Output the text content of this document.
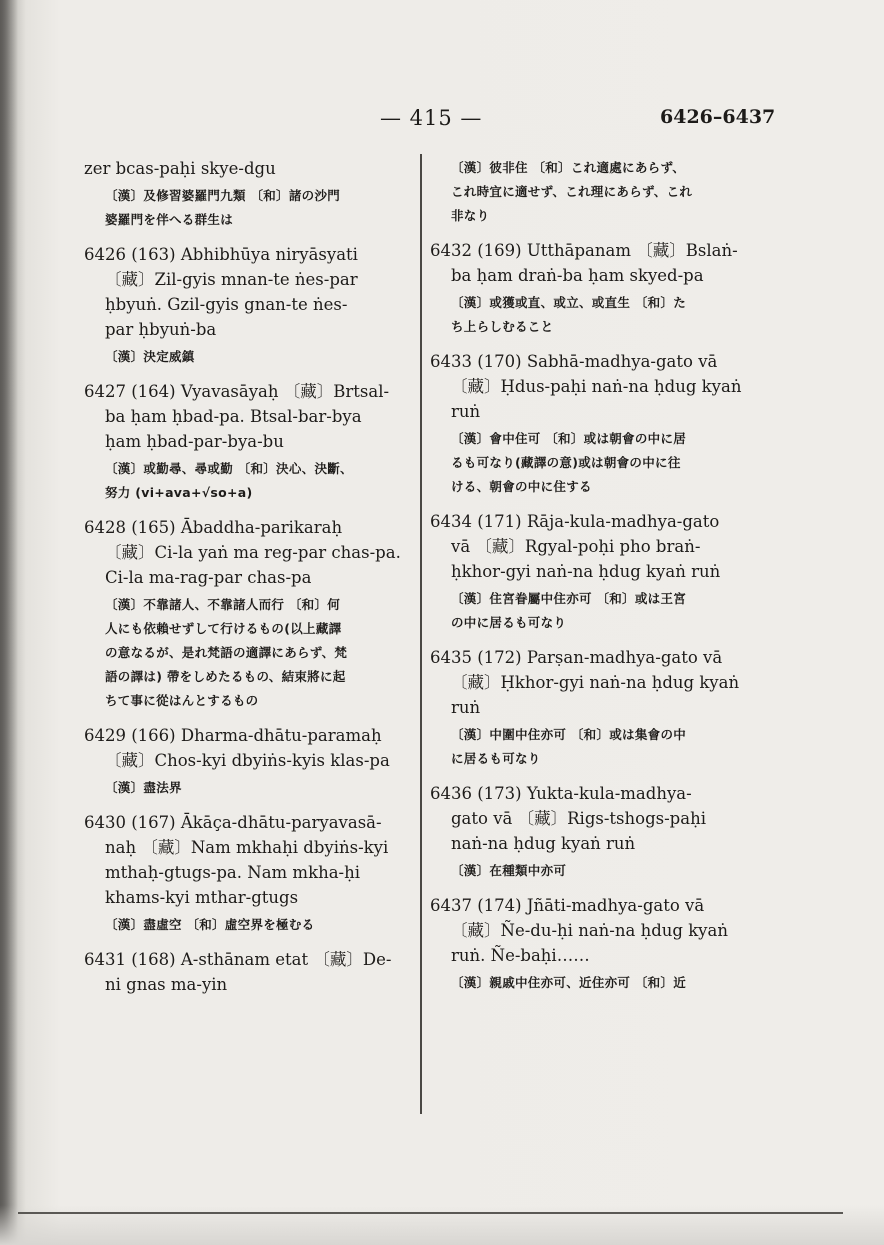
— 415 —	6426–6437
zer bcas-paḥi skye-dgu
〔漢〕及修習婆羅門九類 〔和〕諸の沙門
婆羅門を伴へる群生は
6426 (163) Abhibhūya niryāsyati
〔藏〕Zil-gyis mnan-te ṅes-par
ḥbyuṅ. Gzil-gyis gnan-te ṅes-
par ḥbyuṅ-ba
〔漢〕決定威鎮
6427 (164) Vyavasāyaḥ 〔藏〕Brtsal-
ba ḥam ḥbad-pa. Btsal-bar-bya
ḥam ḥbad-par-bya-bu
〔漢〕或勤尋、尋或勤 〔和〕決心、決斷、
努力 (vi+ava+√so+a)
6428 (165) Ābaddha-parikaraḥ
〔藏〕Ci-la yaṅ ma reg-par chas-pa.
Ci-la ma-rag-par chas-pa
〔漢〕不靠諸人、不靠諸人而行 〔和〕何
人にも依賴せずして行けるもの(以上藏譯
の意なるが、是れ梵語の適譯にあらず、梵
語の譯は) 帶をしめたるもの、結束將に起
ちて事に從はんとするもの
6429 (166) Dharma-dhātu-paramaḥ
〔藏〕Chos-kyi dbyiṅs-kyis klas-pa
〔漢〕盡法界
6430 (167) Ākāça-dhātu-paryavasā-
naḥ 〔藏〕Nam mkhaḥi dbyiṅs-kyi
mthaḥ-gtugs-pa. Nam mkha-ḥi
khams-kyi mthar-gtugs
〔漢〕盡虛空 〔和〕虛空界を極むる
6431 (168) A-sthānam etat 〔藏〕De-
ni gnas ma-yin
〔漢〕彼非住 〔和〕これ適處にあらず、
これ時宜に適せず、これ理にあらず、これ
非なり
6432 (169) Utthāpanam 〔藏〕Bslaṅ-
ba ḥam draṅ-ba ḥam skyed-pa
〔漢〕或獲或直、或立、或直生 〔和〕た
ち上らしむること
6433 (170) Sabhā-madhya-gato vā
〔藏〕Ḥdus-paḥi naṅ-na ḥdug kyaṅ
ruṅ
〔漢〕會中住可 〔和〕或は朝會の中に居
るも可なり(藏譯の意)或は朝會の中に往
ける、朝會の中に住する
6434 (171) Rāja-kula-madhya-gato
vā 〔藏〕Rgyal-poḥi pho braṅ-
ḥkhor-gyi naṅ-na ḥdug kyaṅ ruṅ
〔漢〕住宮眷屬中住亦可 〔和〕或は王宮
の中に居るも可なり
6435 (172) Parṣan-madhya-gato vā
〔藏〕Ḥkhor-gyi naṅ-na ḥdug kyaṅ
ruṅ
〔漢〕中圍中住亦可 〔和〕或は集會の中
に居るも可なり
6436 (173) Yukta-kula-madhya-
gato vā 〔藏〕Rigs-tshogs-paḥi
naṅ-na ḥdug kyaṅ ruṅ
〔漢〕在種類中亦可
6437 (174) Jñāti-madhya-gato vā
〔藏〕Ñe-du-ḥi naṅ-na ḥdug kyaṅ
ruṅ. Ñe-baḥi……
〔漢〕親戚中住亦可、近住亦可 〔和〕近
